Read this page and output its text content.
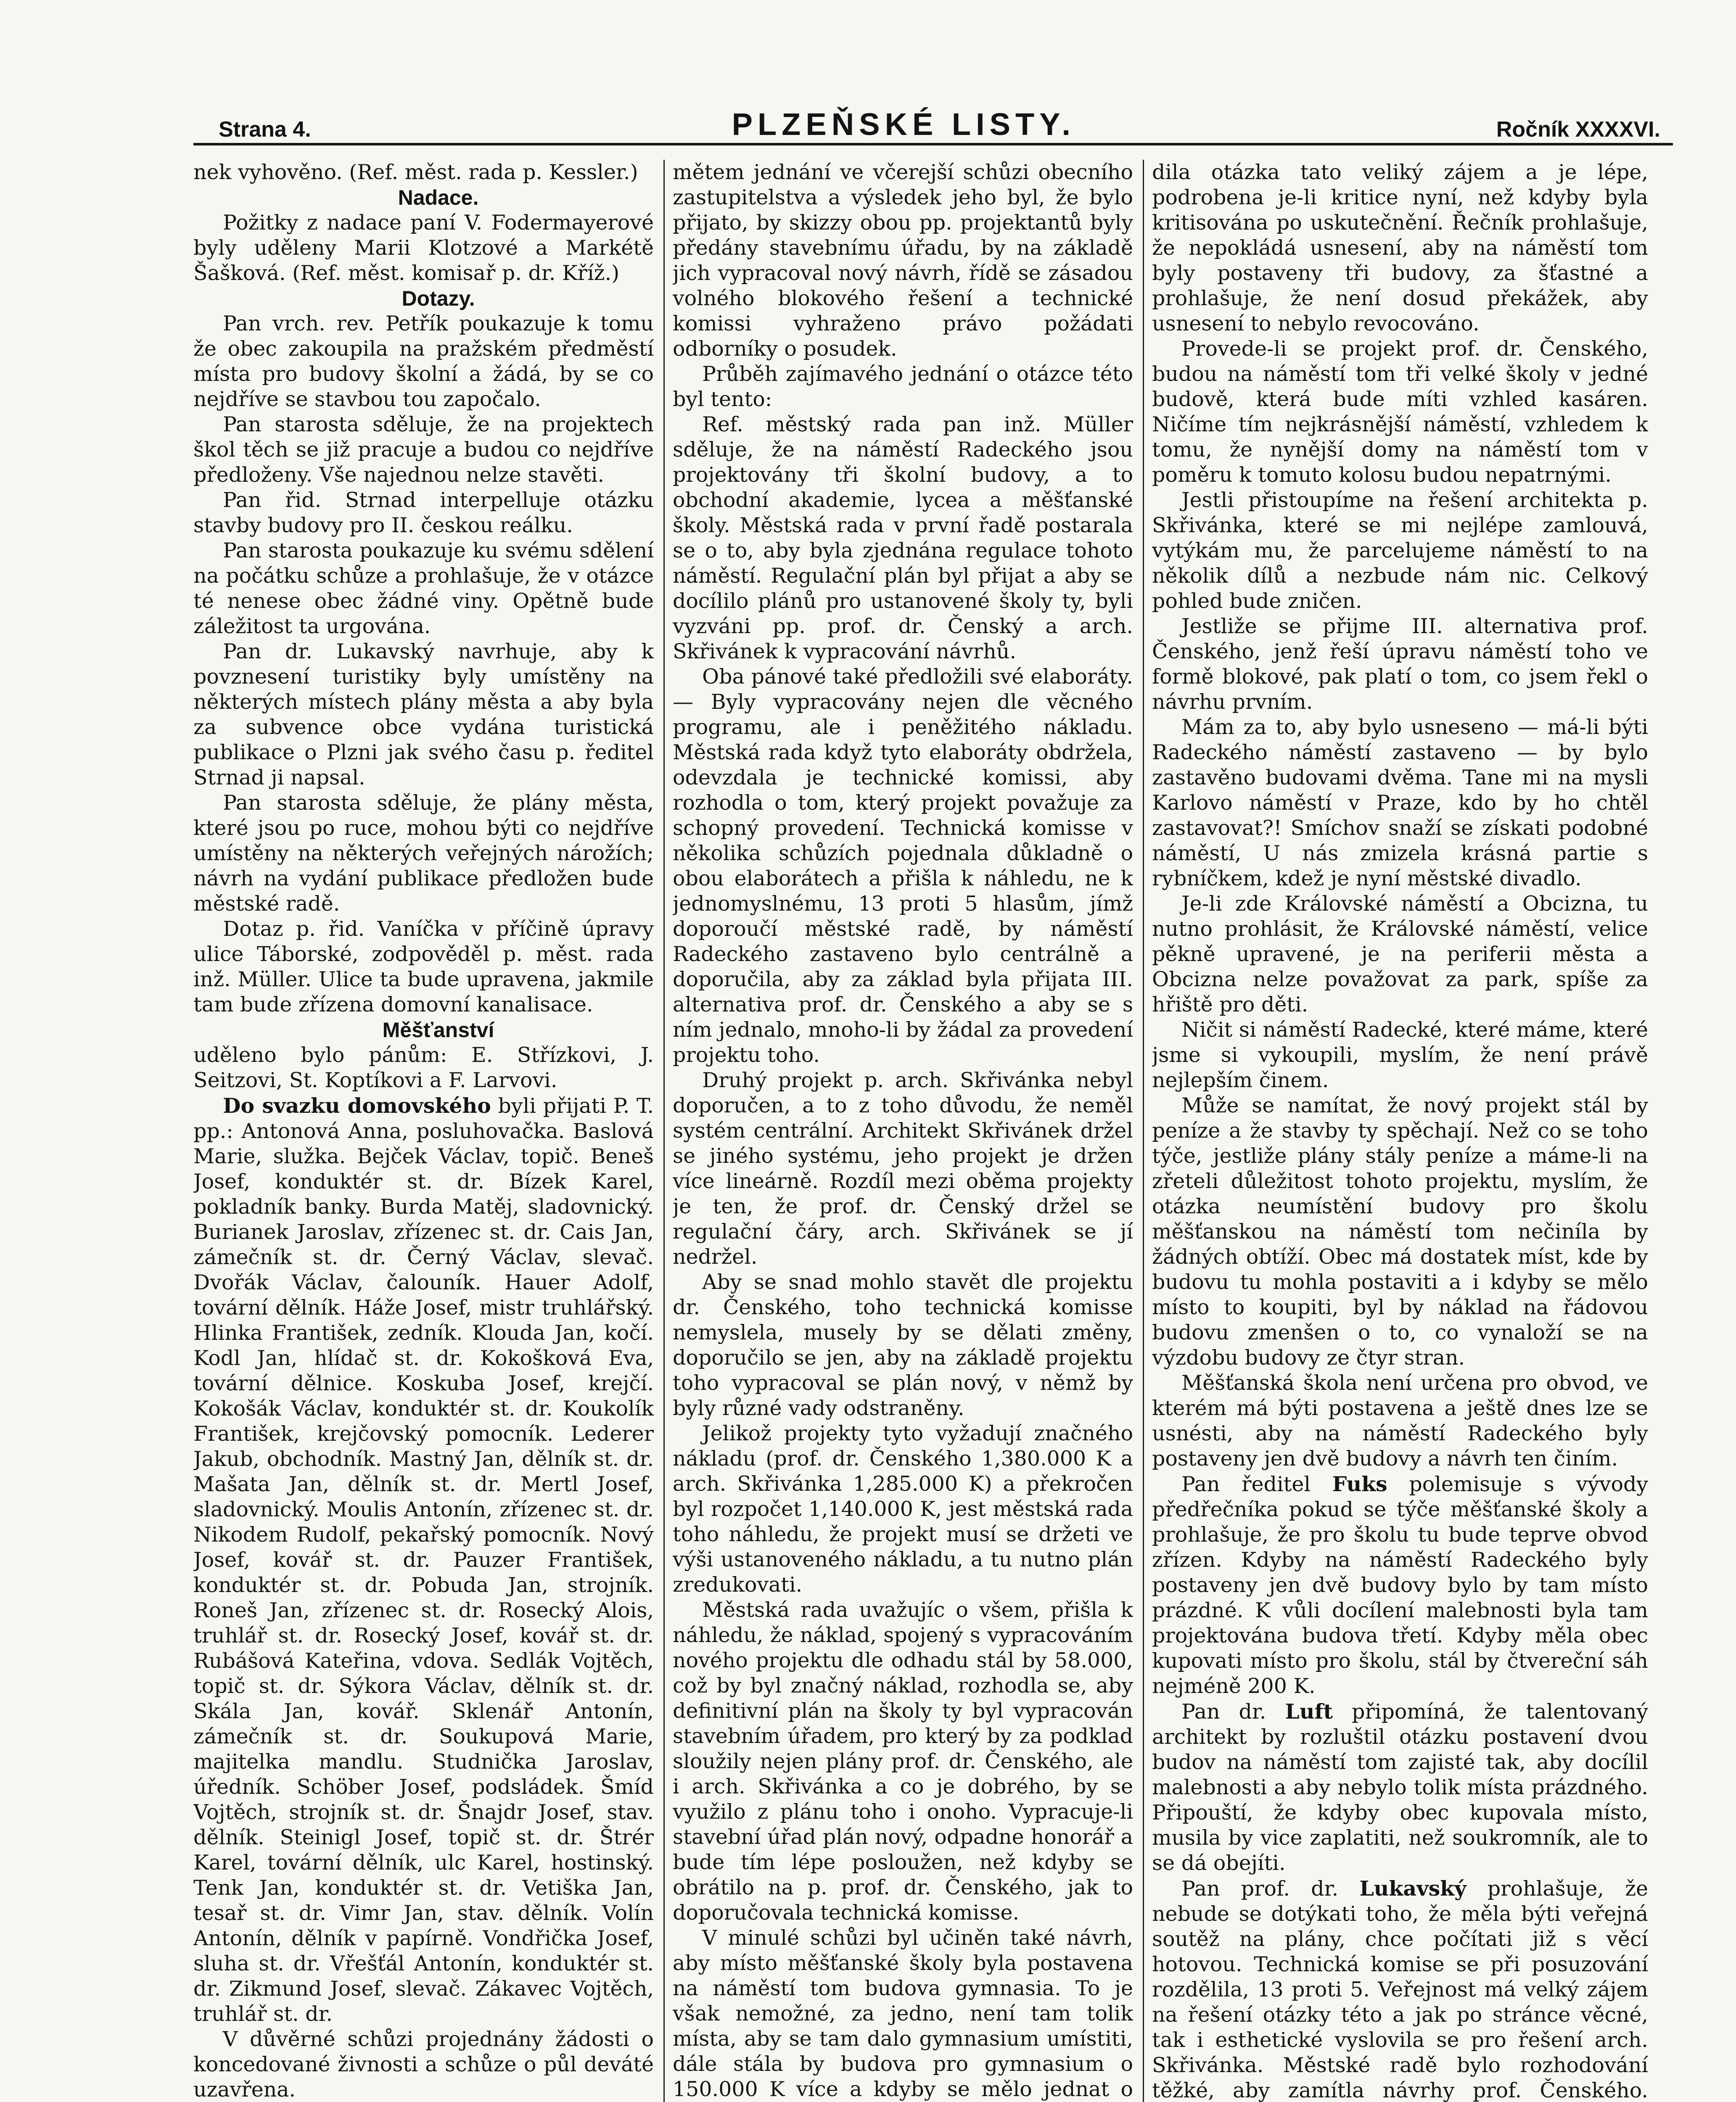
Strana 4.	PLZEŇSKÉ LISTY.	Ročník XXXXVI.

nek vyhověno. (Ref. měst. rada p. Kessler.)

Nadace.

Požitky z nadace paní V. Fodermayerové byly uděleny Marii Klotzové a Markétě Šašková. (Ref. měst. komisař p. dr. Kříž.)

Dotazy.

Pan vrch. rev. Petřík poukazuje k tomu že obec zakoupila na pražském předměstí místa pro budovy školní a žádá, by se co nejdříve se stavbou tou započalo.

Pan starosta sděluje, že na projektech škol těch se již pracuje a budou co nejdříve předloženy. Vše najednou nelze stavěti.

Pan řid. Strnad interpelluje otázku stavby budovy pro II. českou reálku.

Pan starosta poukazuje ku svému sdělení na počátku schůze a prohlašuje, že v otázce té nenese obec žádné viny. Opětně bude záležitost ta urgována.

Pan dr. Lukavský navrhuje, aby k povznesení turistiky byly umístěny na některých místech plány města a aby byla za subvence obce vydána turistická publikace o Plzni jak svého času p. ředitel Strnad ji napsal.

Pan starosta sděluje, že plány města, které jsou po ruce, mohou býti co nejdříve umístěny na některých veřejných nárožích; návrh na vydání publikace předložen bude městské radě.

Dotaz p. řid. Vaníčka v příčině úpravy ulice Táborské, zodpověděl p. měst. rada inž. Müller. Ulice ta bude upravena, jakmile tam bude zřízena domovní kanalisace.

Měšťanství

uděleno bylo pánům: E. Střízkovi, J. Seitzovi, St. Koptíkovi a F. Larvovi.

Do svazku domovského byli přijati P. T. pp.: Antonová Anna, posluhovačka. Baslová Marie, služka. Bejček Václav, topič. Beneš Josef, konduktér st. dr. Bízek Karel, pokladník banky. Burda Matěj, sladovnický. Burianek Jaroslav, zřízenec st. dr. Cais Jan, zámečník st. dr. Černý Václav, slevač. Dvořák Václav, čalouník. Hauer Adolf, tovární dělník. Háže Josef, mistr truhlářský. Hlinka František, zedník. Klouda Jan, kočí. Kodl Jan, hlídač st. dr. Kokošková Eva, tovární dělnice. Koskuba Josef, krejčí. Kokošák Václav, konduktér st. dr. Koukolík František, krejčovský pomocník. Lederer Jakub, obchodník. Mastný Jan, dělník st. dr. Mašata Jan, dělník st. dr. Mertl Josef, sladovnický. Moulis Antonín, zřízenec st. dr. Nikodem Rudolf, pekařský pomocník. Nový Josef, kovář st. dr. Pauzer František, konduktér st. dr. Pobuda Jan, strojník. Roneš Jan, zřízenec st. dr. Rosecký Alois, truhlář st. dr. Rosecký Josef, kovář st. dr. Rubášová Kateřina, vdova. Sedlák Vojtěch, topič st. dr. Sýkora Václav, dělník st. dr. Skála Jan, kovář. Sklenář Antonín, zámečník st. dr. Soukupová Marie, majitelka mandlu. Studnička Jaroslav, úředník. Schöber Josef, podsládek. Šmíd Vojtěch, strojník st. dr. Šnajdr Josef, stav. dělník. Steinigl Josef, topič st. dr. Štrér Karel, tovární dělník, ulc Karel, hostinský. Tenk Jan, konduktér st. dr. Vetiška Jan, tesař st. dr. Vimr Jan, stav. dělník. Volín Antonín, dělník v papírně. Vondřička Josef, sluha st. dr. Vřešťál Antonín, konduktér st. dr. Zikmund Josef, slevač. Zákavec Vojtěch, truhlář st. dr.

V důvěrné schůzi projednány žádosti o koncedované živnosti a schůze o půl deváté uzavřena.

mětem jednání ve včerejší schůzi obecního zastupitelstva a výsledek jeho byl, že bylo přijato, by skizzy obou pp. projektantů byly předány stavebnímu úřadu, by na základě jich vypracoval nový návrh, řídě se zásadou volného blokového řešení a technické komissi vyhraženo právo požádati odborníky o posudek.

Průběh zajímavého jednání o otázce této byl tento:

Ref. městský rada pan inž. Müller sděluje, že na náměstí Radeckého jsou projektovány tři školní budovy, a to obchodní akademie, lycea a měšťanské školy. Městská rada v první řadě postarala se o to, aby byla zjednána regulace tohoto náměstí. Regulační plán byl přijat a aby se docílilo plánů pro ustanovené školy ty, byli vyzváni pp. prof. dr. Čenský a arch. Skřivánek k vypracování návrhů.

Oba pánové také předložili své elaboráty. — Byly vypracovány nejen dle věcného programu, ale i peněžitého nákladu. Městská rada když tyto elaboráty obdržela, odevzdala je technické komissi, aby rozhodla o tom, který projekt považuje za schopný provedení. Technická komisse v několika schůzích pojednala důkladně o obou elaborátech a přišla k náhledu, ne k jednomyslnému, 13 proti 5 hlasům, jímž doporoučí městské radě, by náměstí Radeckého zastaveno bylo centrálně a doporučila, aby za základ byla přijata III. alternativa prof. dr. Čenského a aby se s ním jednalo, mnoho-li by žádal za provedení projektu toho.

Druhý projekt p. arch. Skřivánka nebyl doporučen, a to z toho důvodu, že neměl systém centrální. Architekt Skřivánek držel se jiného systému, jeho projekt je držen více lineárně. Rozdíl mezi oběma projekty je ten, že prof. dr. Čenský držel se regulační čáry, arch. Skřivánek se jí nedržel.

Aby se snad mohlo stavět dle projektu dr. Čenského, toho technická komisse nemyslela, musely by se dělati změny, doporučilo se jen, aby na základě projektu toho vypracoval se plán nový, v němž by byly různé vady odstraněny.

Jelikož projekty tyto vyžadují značného nákladu (prof. dr. Čenského 1,380.000 K a arch. Skřivánka 1,285.000 K) a překročen byl rozpočet 1,140.000 K, jest městská rada toho náhledu, že projekt musí se držeti ve výši ustanoveného nákladu, a tu nutno plán zredukovati.

Městská rada uvažujíc o všem, přišla k náhledu, že náklad, spojený s vypracováním nového projektu dle odhadu stál by 58.000, což by byl značný náklad, rozhodla se, aby definitivní plán na školy ty byl vypracován stavebním úřadem, pro který by za podklad sloužily nejen plány prof. dr. Čenského, ale i arch. Skřivánka a co je dobrého, by se využilo z plánu toho i onoho. Vypracuje-li stavební úřad plán nový, odpadne honorář a bude tím lépe posloužen, než kdyby se obrátilo na p. prof. dr. Čenského, jak to doporučovala technická komisse.

V minulé schůzi byl učiněn také návrh, aby místo měšťanské školy byla postavena na náměstí tom budova gymnasia. To je však nemožné, za jedno, není tam tolik místa, aby se tam dalo gymnasium umístiti, dále stála by budova pro gymnasium o 150.000 K více a kdyby se mělo jednat o

dila otázka tato veliký zájem a je lépe, podrobena je-li kritice nyní, než kdyby byla kritisována po uskutečnění. Řečník prohlašuje, že nepokládá usnesení, aby na náměstí tom byly postaveny tři budovy, za šťastné a prohlašuje, že není dosud překážek, aby usnesení to nebylo revocováno.

Provede-li se projekt prof. dr. Čenského, budou na náměstí tom tři velké školy v jedné budově, která bude míti vzhled kasáren. Ničíme tím nejkrásnější náměstí, vzhledem k tomu, že nynější domy na náměstí tom v poměru k tomuto kolosu budou nepatrnými.

Jestli přistoupíme na řešení architekta p. Skřivánka, které se mi nejlépe zamlouvá, vytýkám mu, že parcelujeme náměstí to na několik dílů a nezbude nám nic. Celkový pohled bude zničen.

Jestliže se přijme III. alternativa prof. Čenského, jenž řeší úpravu náměstí toho ve formě blokové, pak platí o tom, co jsem řekl o návrhu prvním.

Mám za to, aby bylo usneseno — má-li býti Radeckého náměstí zastaveno — by bylo zastavěno budovami dvěma. Tane mi na mysli Karlovo náměstí v Praze, kdo by ho chtěl zastavovat?! Smíchov snaží se získati podobné náměstí, U nás zmizela krásná partie s rybníčkem, kdež je nyní městské divadlo.

Je-li zde Královské náměstí a Obcizna, tu nutno prohlásit, že Královské náměstí, velice pěkně upravené, je na periferii města a Obcizna nelze považovat za park, spíše za hřiště pro děti.

Ničit si náměstí Radecké, které máme, které jsme si vykoupili, myslím, že není právě nejlepším činem.

Může se namítat, že nový projekt stál by peníze a že stavby ty spěchají. Než co se toho týče, jestliže plány stály peníze a máme-li na zřeteli důležitost tohoto projektu, myslím, že otázka neumístění budovy pro školu měšťanskou na náměstí tom nečiníla by žádných obtíží. Obec má dostatek míst, kde by budovu tu mohla postaviti a i kdyby se mělo místo to koupiti, byl by náklad na řádovou budovu zmenšen o to, co vynaloží se na výzdobu budovy ze čtyr stran.

Měšťanská škola není určena pro obvod, ve kterém má býti postavena a ještě dnes lze se usnésti, aby na náměstí Radeckého byly postaveny jen dvě budovy a návrh ten činím.

Pan ředitel Fuks polemisuje s vývody předřečníka pokud se týče měšťanské školy a prohlašuje, že pro školu tu bude teprve obvod zřízen. Kdyby na náměstí Radeckého byly postaveny jen dvě budovy bylo by tam místo prázdné. K vůli docílení malebnosti byla tam projektována budova třetí. Kdyby měla obec kupovati místo pro školu, stál by čtvereční sáh nejméně 200 K.

Pan dr. Luft připomíná, že talentovaný architekt by rozluštil otázku postavení dvou budov na náměstí tom zajisté tak, aby docílil malebnosti a aby nebylo tolik místa prázdného. Připouští, že kdyby obec kupovala místo, musila by vice zaplatiti, než soukromník, ale to se dá obejíti.

Pan prof. dr. Lukavský prohlašuje, že nebude se dotýkati toho, že měla býti veřejná soutěž na plány, chce počítati již s věcí hotovou. Technická komise se při posuzování rozdělila, 13 proti 5. Veřejnost má velký zájem na řešení otázky této a jak po stránce věcné, tak i esthetické vyslovila se pro řešení arch. Skřivánka. Městské radě bylo rozhodování těžké, aby zamítla návrhy prof. Čenského.
